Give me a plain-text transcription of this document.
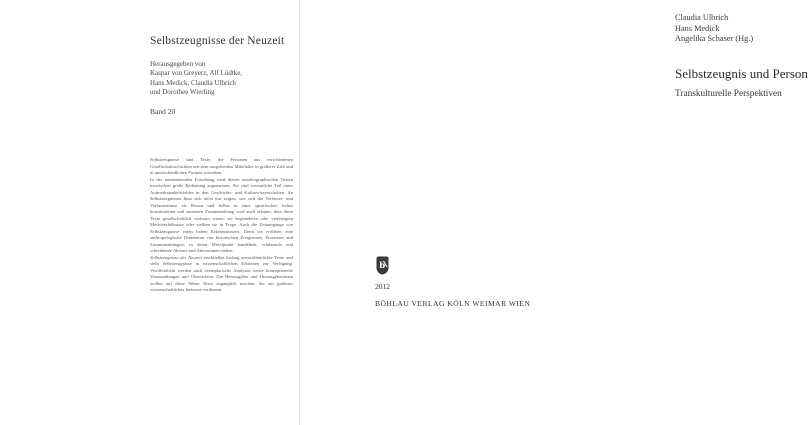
Selbstzeugnisse der Neuzeit
Herausgegeben von
Kaspar von Greyerz, Alf Lüdtke,
Hans Medick, Claudia Ulbrich
und Dorothee Wierling
Band 20

Selbstzeugnisse sind Texte, die Personen aus verschiedenen Gesellschaftsschichten seit dem ausgehenden Mittelalter in größerer Zahl und in unterschiedlichen Formen schrieben.

In der internationalen Forschung wird diesen autobiographischen Texten inzwischen große Bedeutung zugemessen. Sie sind wesentliche Teil eines Aufmerksamkeitsfeldes in den Geschichts- und Kulturwissenschaften. An Selbstzeugnissen lässt sich nicht nur zeigen, wie sich die Verfasser- und Verfasserinnen als Person und Selbst in einer spezifischer, kultur konstituierten und situierten Zusammenhang wird auch erkannt, dass diese Texte gesellschaftlich wirksam waren: sie begründeten oder verfestigten Machtverhältnisse oder stellten sie in Frage. Auch die Zeitumgänge von Selbstzeugnisse einen hohen Erkenntniswert. Denn sie eröffnen eine anthropologische Dimension von historischen Ereignissen, Prozessen und Zusammenhängen, in deren Mittelpunkt handelnde, erfahrende und schreibende Akteure und Akteurinnen stehen.

Selbstzeugnisse der Neuzeit erschließen bislang unveröffentlichte Texte und stellt Selbstzeugnisse in wissenschaftlichen Editionen zur Verfügung. Veröffentlicht werden auch exemplarische Analysen sowie konzeptionelle Veranstaltungen und Übersichten. Die Herausgeber und Herausgeberinnen wollen auf diese Weise Texte zugänglich machen, die ein größeres wissenschaftliches Interesse verdienen.

Claudia Ulbrich
Hans Medick
Angelika Schaser (Hg.)
Selbstzeugnis und Person
Transkulturelle Perspektiven
b
2012
BÖHLAU VERLAG KÖLN WEIMAR WIEN
